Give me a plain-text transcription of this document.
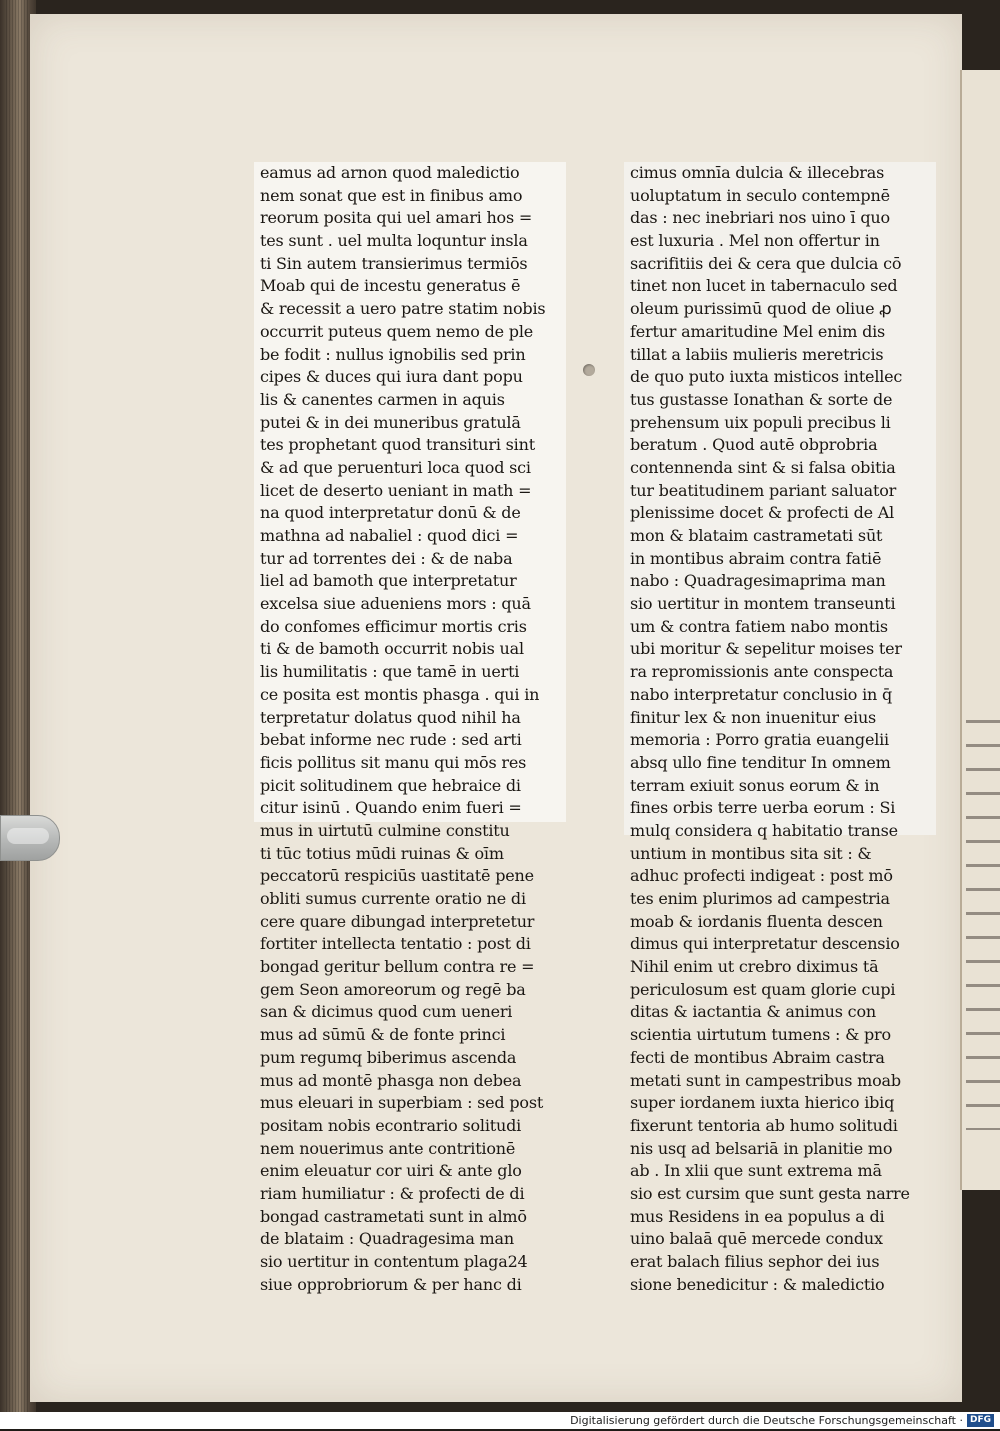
eamus ad arnon quod maledictio
nem sonat que est in finibus amo
reorum posita qui uel amari hos =
tes sunt . uel multa loquntur insla
ti Sin autem transierimus termiōs
Moab qui de incestu generatus ē
& recessit a uero patre statim nobis
occurrit puteus quem nemo de ple
be fodit : nullus ignobilis sed prin
cipes & duces qui iura dant popu
lis & canentes carmen in aquis
putei & in dei muneribus gratulā
tes prophetant quod transituri sint
& ad que peruenturi loca quod sci
licet de deserto ueniant in math =
na quod interpretatur donū & de
mathna ad nabaliel : quod dici =
tur ad torrentes dei : & de naba
liel ad bamoth que interpretatur
excelsa siue adueniens mors : quā
do confomes efficimur mortis cris
ti & de bamoth occurrit nobis ual
lis humilitatis : que tamē in uerti
ce posita est montis phasga . qui in
terpretatur dolatus quod nihil ha
bebat informe nec rude : sed arti
ficis pollitus sit manu qui mōs res
picit solitudinem que hebraice di
citur isinū . Quando enim fueri =
mus in uirtutū culmine constitu
ti tūc totius mūdi ruinas & oīm
peccatorū respiciūs uastitatē pene
obliti sumus currente oratio ne di
cere quare dibungad interpretetur
fortiter intellecta tentatio : post di
bongad geritur bellum contra re =
gem Seon amoreorum og regē ba
san & dicimus quod cum ueneri
mus ad sūmū & de fonte princi
pum regumq biberimus ascenda
mus ad montē phasga non debea
mus eleuari in superbiam : sed post
positam nobis econtrario solitudi
nem nouerimus ante contritionē
enim eleuatur cor uiri & ante glo
riam humiliatur : & profecti de di
bongad castrametati sunt in almō
de blataim : Quadragesima man
sio uertitur in contentum plaga24
siue opprobriorum & per hanc di
cimus omnīa dulcia & illecebras
uoluptatum in seculo contempnē
das : nec inebriari nos uino ī quo
est luxuria . Mel non offertur in
sacrifitiis dei & cera que dulcia cō
tinet non lucet in tabernaculo sed
oleum purissimū quod de oliue ꝓ
fertur amaritudine Mel enim dis
tillat a labiis mulieris meretricis
de quo puto iuxta misticos intellec
tus gustasse Ionathan & sorte de
prehensum uix populi precibus li
beratum . Quod autē obprobria
contennenda sint & si falsa obitia
tur beatitudinem pariant saluator
plenissime docet & profecti de Al
mon & blataim castrametati sūt
in montibus abraim contra fatiē
nabo : Quadragesimaprima man
sio uertitur in montem transeunti
um & contra fatiem nabo montis
ubi moritur & sepelitur moises ter
ra repromissionis ante conspecta
nabo interpretatur conclusio in q̄
finitur lex & non inuenitur eius
memoria : Porro gratia euangelii
absq ullo fine tenditur In omnem
terram exiuit sonus eorum & in
fines orbis terre uerba eorum : Si
mulq considera q habitatio transe
untium in montibus sita sit : &
adhuc profecti indigeat : post mō
tes enim plurimos ad campestria
moab & iordanis fluenta descen
dimus qui interpretatur descensio
Nihil enim ut crebro diximus tā
periculosum est quam glorie cupi
ditas & iactantia & animus con
scientia uirtutum tumens : & pro
fecti de montibus Abraim castra
metati sunt in campestribus moab
super iordanem iuxta hierico ibiq
fixerunt tentoria ab humo solitudi
nis usq ad belsariā in planitie mo
ab . In xlii que sunt extrema mā
sio est cursim que sunt gesta narre
mus Residens in ea populus a di
uino balaā quē mercede condux
erat balach filius sephor dei ius
sione benedicitur : & maledictio
$^{Digitalisierung gefördert durch die Deutsche Forschungsgemeinschaft \cdot}$ DFG
